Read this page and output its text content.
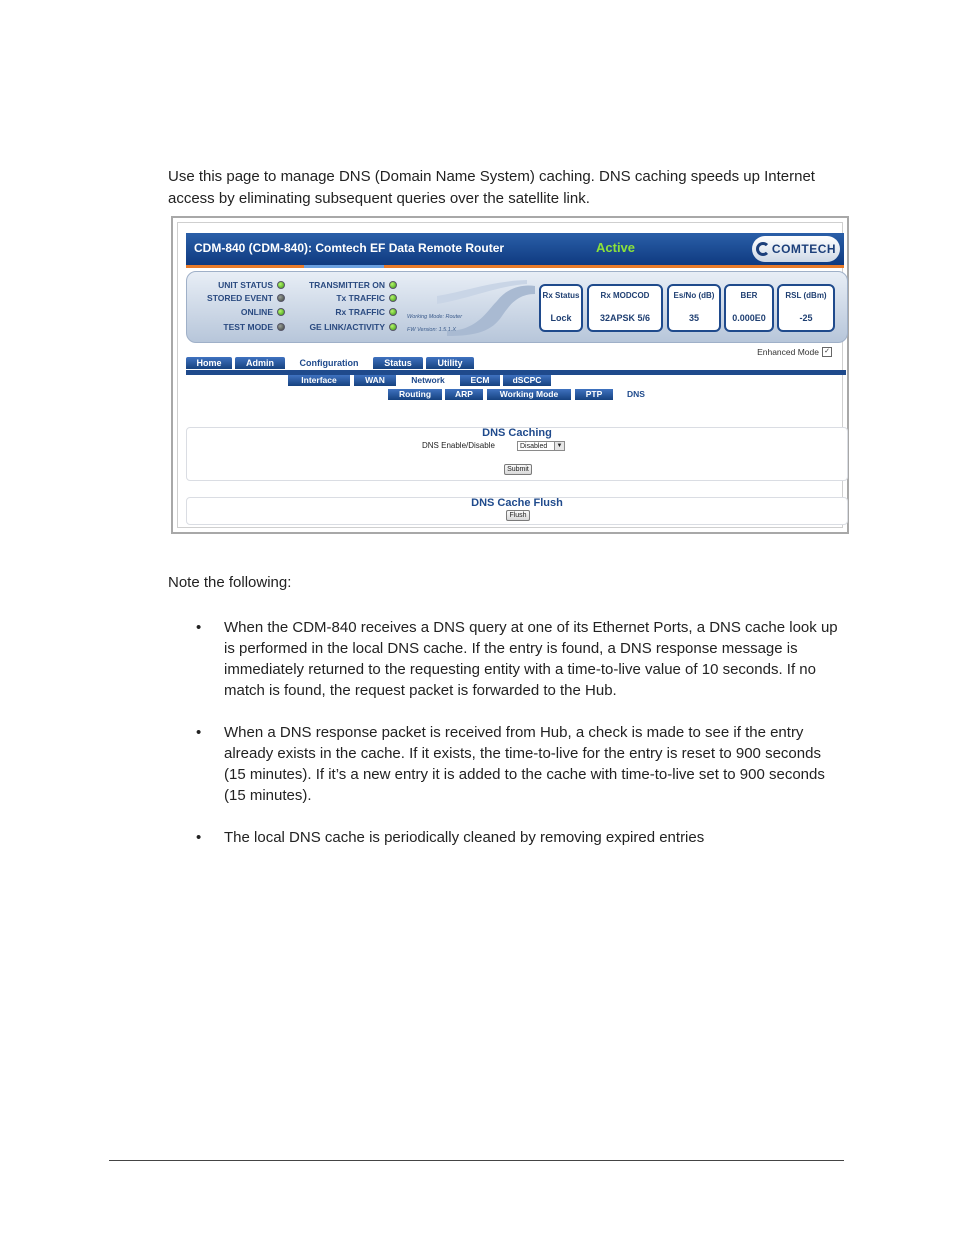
Use this page to manage DNS (Domain Name System) caching. DNS caching speeds up Internet access by eliminating subsequent queries over the satellite link.

CDM-840 (CDM-840): Comtech EF Data Remote Router	Active	COMTECH
UNIT STATUS
STORED EVENT
ONLINE
TEST MODE
TRANSMITTER ON
Tx TRAFFIC
Rx TRAFFIC
GE LINK/ACTIVITY
Working Mode: Router
FW Version: 1.5.1.X
Rx Status
Lock
Rx MODCOD
32APSK 5/6
Es/No (dB)
35
BER
0.000E0
RSL (dBm)
-25
Enhanced Mode ✓
Home	Admin	Configuration	Status	Utility
Interface	WAN	Network	ECM	dSCPC
Routing	ARP	Working Mode	PTP	DNS
DNS Caching
DNS Enable/Disable	Disabled	▼
Submit
DNS Cache Flush
Flush
Note the following:
• When the CDM-840 receives a DNS query at one of its Ethernet Ports, a DNS cache look up is performed in the local DNS cache. If the entry is found, a DNS response message is immediately returned to the requesting entity with a time-to-live value of 10 seconds. If no match is found, the request packet is forwarded to the Hub.
• When a DNS response packet is received from Hub, a check is made to see if the entry already exists in the cache. If it exists, the time-to-live for the entry is reset to 900 seconds (15 minutes). If it’s a new entry it is added to the cache with time-to-live set to 900 seconds (15 minutes).
• The local DNS cache is periodically cleaned by removing expired entries
